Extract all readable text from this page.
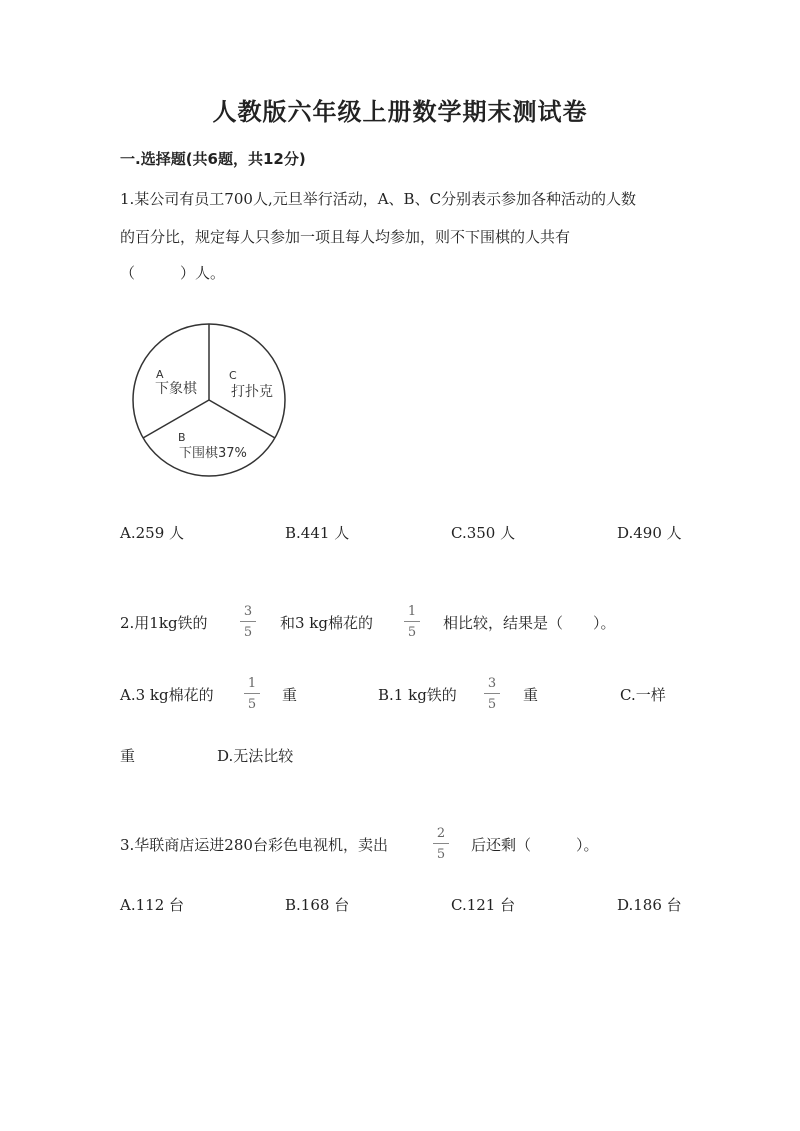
人教版六年级上册数学期末测试卷
一.选择题(共6题，共12分)
1.某公司有员工700人,元旦举行活动，A、B、C分别表示参加各种活动的人数
的百分比，规定每人只参加一项且每人均参加，则不下围棋的人共有
（　　　）人。
A
下象棋
C
打扑克
B
下围棋37%
A.259 人	B.441 人	C.350 人	D.490 人
2.用1kg铁的
3
5
和3 kg棉花的
1
5
相比较，结果是（　　）。
A.3 kg棉花的
1
5
重	B.1 kg铁的
3
5
重	C.一样
重	D.无法比较
3.华联商店运进280台彩色电视机，卖出
2
5
后还剩（　　　）。
A.112 台	B.168 台	C.121 台	D.186 台
